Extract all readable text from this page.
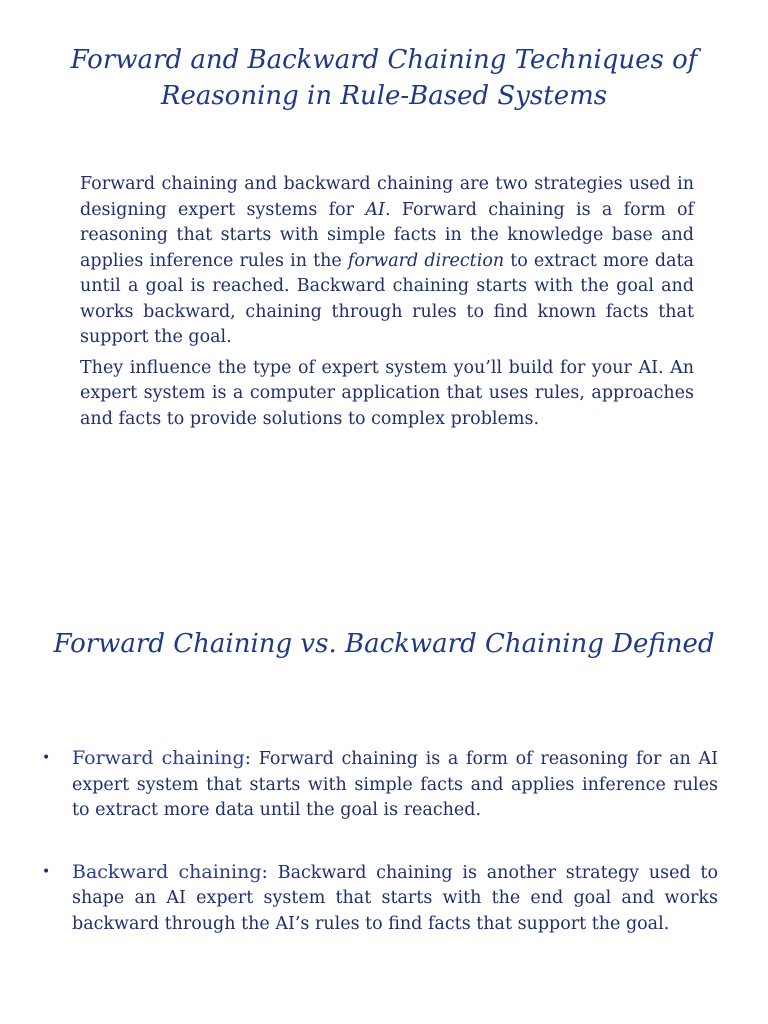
Forward and Backward Chaining Techniques of Reasoning in Rule-Based Systems

Forward chaining and backward chaining are two strategies used in designing expert systems for AI. Forward chaining is a form of reasoning that starts with simple facts in the knowledge base and applies inference rules in the forward direction to extract more data until a goal is reached. Backward chaining starts with the goal and works backward, chaining through rules to find known facts that support the goal.

They influence the type of expert system you’ll build for your AI. An expert system is a computer application that uses rules, approaches and facts to provide solutions to complex problems.

Forward Chaining vs. Backward Chaining Defined
• Forward chaining: Forward chaining is a form of reasoning for an AI expert system that starts with simple facts and applies inference rules to extract more data until the goal is reached.
• Backward chaining: Backward chaining is another strategy used to shape an AI expert system that starts with the end goal and works backward through the AI’s rules to find facts that support the goal.
